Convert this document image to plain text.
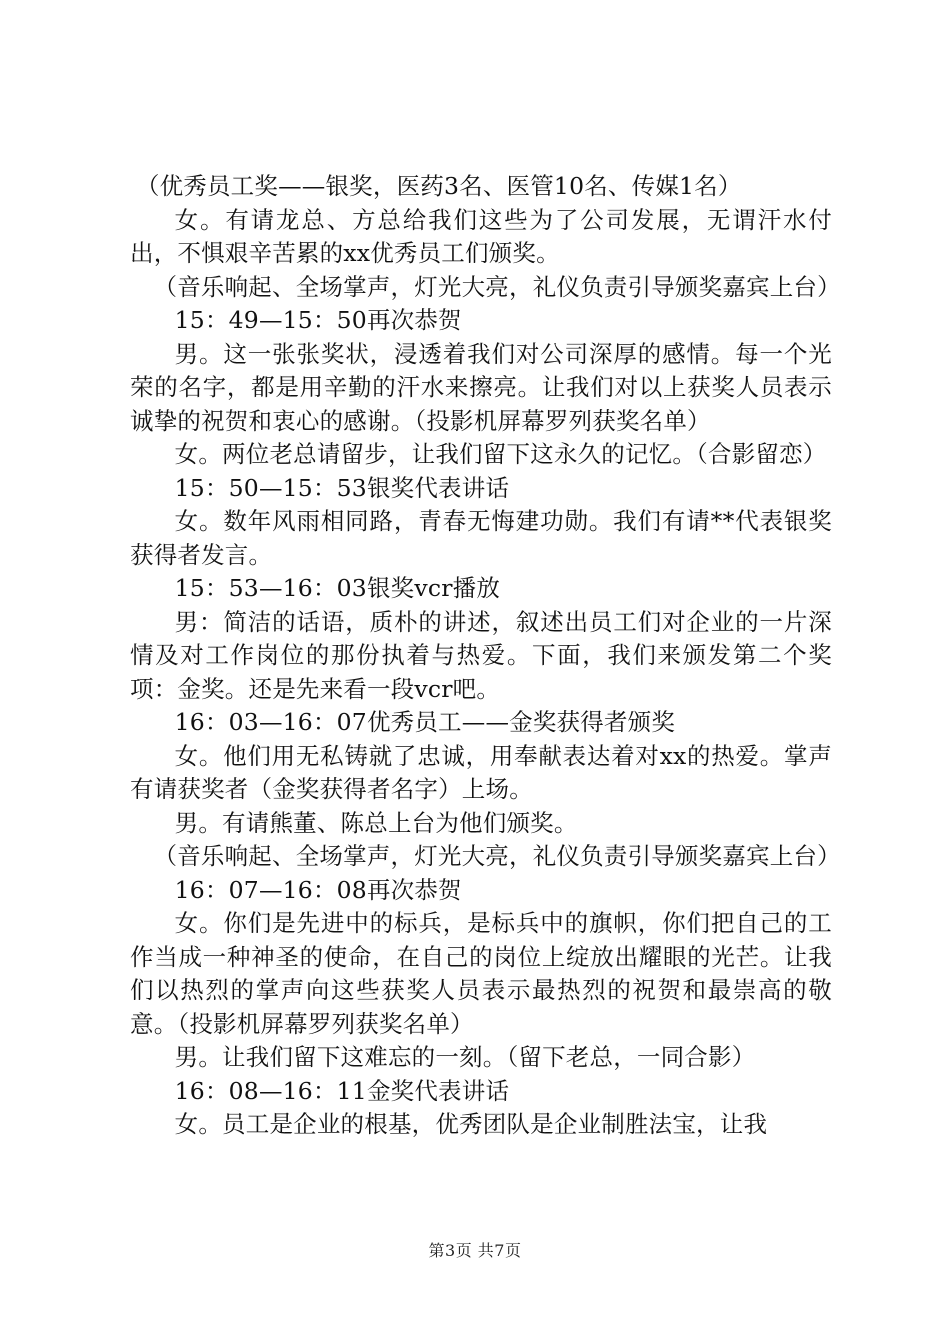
（优秀员工奖——银奖，医药3名、医管10名、传媒1名）

女。有请龙总、方总给我们这些为了公司发展，无谓汗水付出，不惧艰辛苦累的xx优秀员工们颁奖。

（音乐响起、全场掌声，灯光大亮，礼仪负责引导颁奖嘉宾上台）

15：49—15：50再次恭贺

男。这一张张奖状，浸透着我们对公司深厚的感情。每一个光荣的名字，都是用辛勤的汗水来擦亮。让我们对以上获奖人员表示诚挚的祝贺和衷心的感谢。（投影机屏幕罗列获奖名单）

女。两位老总请留步，让我们留下这永久的记忆。（合影留恋）

15：50—15：53银奖代表讲话

女。数年风雨相同路，青春无悔建功勋。我们有请**代表银奖获得者发言。

15：53—16：03银奖vcr播放

男：简洁的话语，质朴的讲述，叙述出员工们对企业的一片深情及对工作岗位的那份执着与热爱。下面，我们来颁发第二个奖项：金奖。还是先来看一段vcr吧。

16：03—16：07优秀员工——金奖获得者颁奖

女。他们用无私铸就了忠诚，用奉献表达着对xx的热爱。掌声有请获奖者（金奖获得者名字）上场。

男。有请熊董、陈总上台为他们颁奖。

（音乐响起、全场掌声，灯光大亮，礼仪负责引导颁奖嘉宾上台）

16：07—16：08再次恭贺

女。你们是先进中的标兵，是标兵中的旗帜，你们把自己的工作当成一种神圣的使命，在自己的岗位上绽放出耀眼的光芒。让我们以热烈的掌声向这些获奖人员表示最热烈的祝贺和最崇高的敬意。（投影机屏幕罗列获奖名单）

男。让我们留下这难忘的一刻。（留下老总，一同合影）

16：08—16：11金奖代表讲话

女。员工是企业的根基，优秀团队是企业制胜法宝，让我

第3页 共7页
